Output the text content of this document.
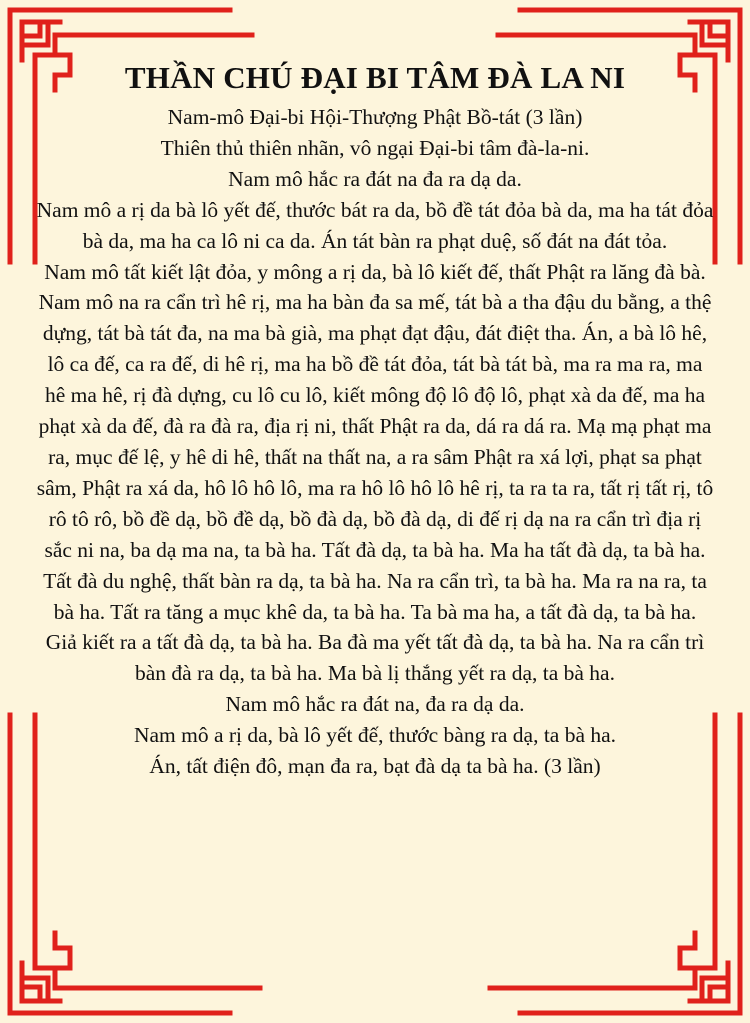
THẦN CHÚ ĐẠI BI TÂM ĐÀ LA NI

Nam-mô Đại-bi Hội-Thượng Phật Bồ-tát (3 lần)

Thiên thủ thiên nhãn, vô ngại Đại-bi tâm đà-la-ni.

Nam mô hắc ra đát na đa ra dạ da.

Nam mô a rị da bà lô yết đế, thước bát ra da, bồ đề tát đỏa bà da, ma ha tát đỏa bà da, ma ha ca lô ni ca da. Án tát bàn ra phạt duệ, số đát na đát tỏa.

Nam mô tất kiết lật đỏa, y mông a rị da, bà lô kiết đế, thất Phật ra lăng đà bà.

Nam mô na ra cẩn trì hê rị, ma ha bàn đa sa mế, tát bà a tha đậu du bằng, a thệ dựng, tát bà tát đa, na ma bà già, ma phạt đạt đậu, đát điệt tha. Án, a bà lô hê, lô ca đế, ca ra đế, di hê rị, ma ha bồ đề tát đỏa, tát bà tát bà, ma ra ma ra, ma hê ma hê, rị đà dựng, cu lô cu lô, kiết mông độ lô độ lô, phạt xà da đế, ma ha phạt xà da đế, đà ra đà ra, địa rị ni, thất Phật ra da, dá ra dá ra. Mạ mạ phạt ma ra, mục đế lệ, y hê di hê, thất na thất na, a ra sâm Phật ra xá lợi, phạt sa phạt sâm, Phật ra xá da, hô lô hô lô, ma ra hô lô hô lô hê rị, ta ra ta ra, tất rị tất rị, tô rô tô rô, bồ đề dạ, bồ đề dạ, bồ đà dạ, bồ đà dạ, di đế rị dạ na ra cẩn trì địa rị sắc ni na, ba dạ ma na, ta bà ha. Tất đà dạ, ta bà ha. Ma ha tất đà dạ, ta bà ha. Tất đà du nghệ, thất bàn ra dạ, ta bà ha. Na ra cẩn trì, ta bà ha. Ma ra na ra, ta bà ha. Tất ra tăng a mục khê da, ta bà ha. Ta bà ma ha, a tất đà dạ, ta bà ha. Giả kiết ra a tất đà dạ, ta bà ha. Ba đà ma yết tất đà dạ, ta bà ha. Na ra cẩn trì bàn đà ra dạ, ta bà ha. Ma bà lị thắng yết ra dạ, ta bà ha.

Nam mô hắc ra đát na, đa ra dạ da.

Nam mô a rị da, bà lô yết đế, thước bàng ra dạ, ta bà ha.

Án, tất điện đô, mạn đa ra, bạt đà dạ ta bà ha. (3 lần)
